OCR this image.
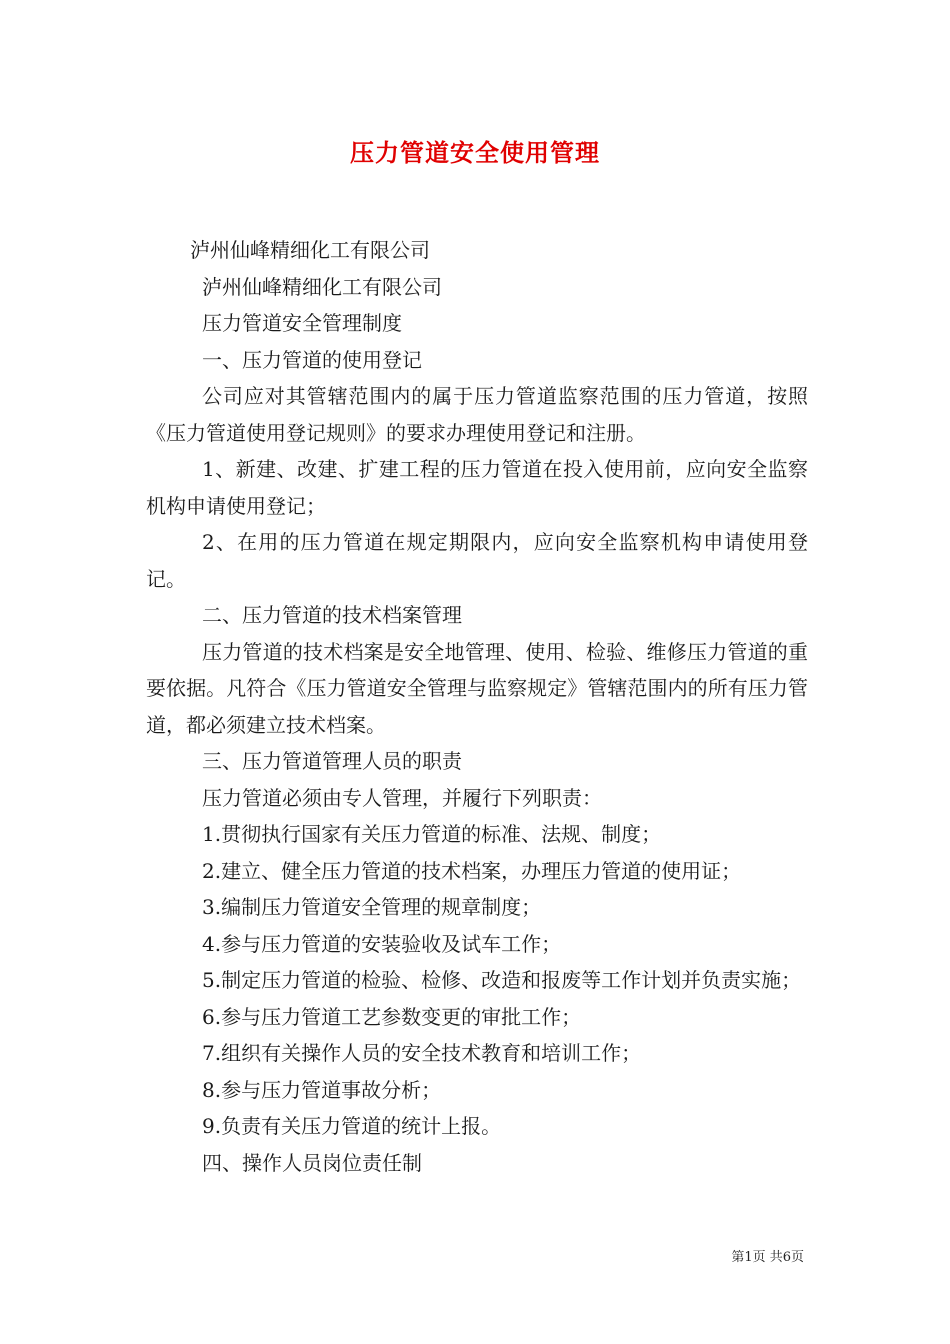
压力管道安全使用管理

泸州仙峰精细化工有限公司

泸州仙峰精细化工有限公司

压力管道安全管理制度

一、压力管道的使用登记

公司应对其管辖范围内的属于压力管道监察范围的压力管道，按照《压力管道使用登记规则》的要求办理使用登记和注册。

1、新建、改建、扩建工程的压力管道在投入使用前，应向安全监察机构申请使用登记；

2、在用的压力管道在规定期限内，应向安全监察机构申请使用登记。

二、压力管道的技术档案管理

压力管道的技术档案是安全地管理、使用、检验、维修压力管道的重要依据。凡符合《压力管道安全管理与监察规定》管辖范围内的所有压力管道，都必须建立技术档案。

三、压力管道管理人员的职责

压力管道必须由专人管理，并履行下列职责：

1.贯彻执行国家有关压力管道的标准、法规、制度；

2.建立、健全压力管道的技术档案，办理压力管道的使用证；

3.编制压力管道安全管理的规章制度；

4.参与压力管道的安装验收及试车工作；

5.制定压力管道的检验、检修、改造和报废等工作计划并负责实施；

6.参与压力管道工艺参数变更的审批工作；

7.组织有关操作人员的安全技术教育和培训工作；

8.参与压力管道事故分析；

9.负责有关压力管道的统计上报。

四、操作人员岗位责任制

第1页 共6页
